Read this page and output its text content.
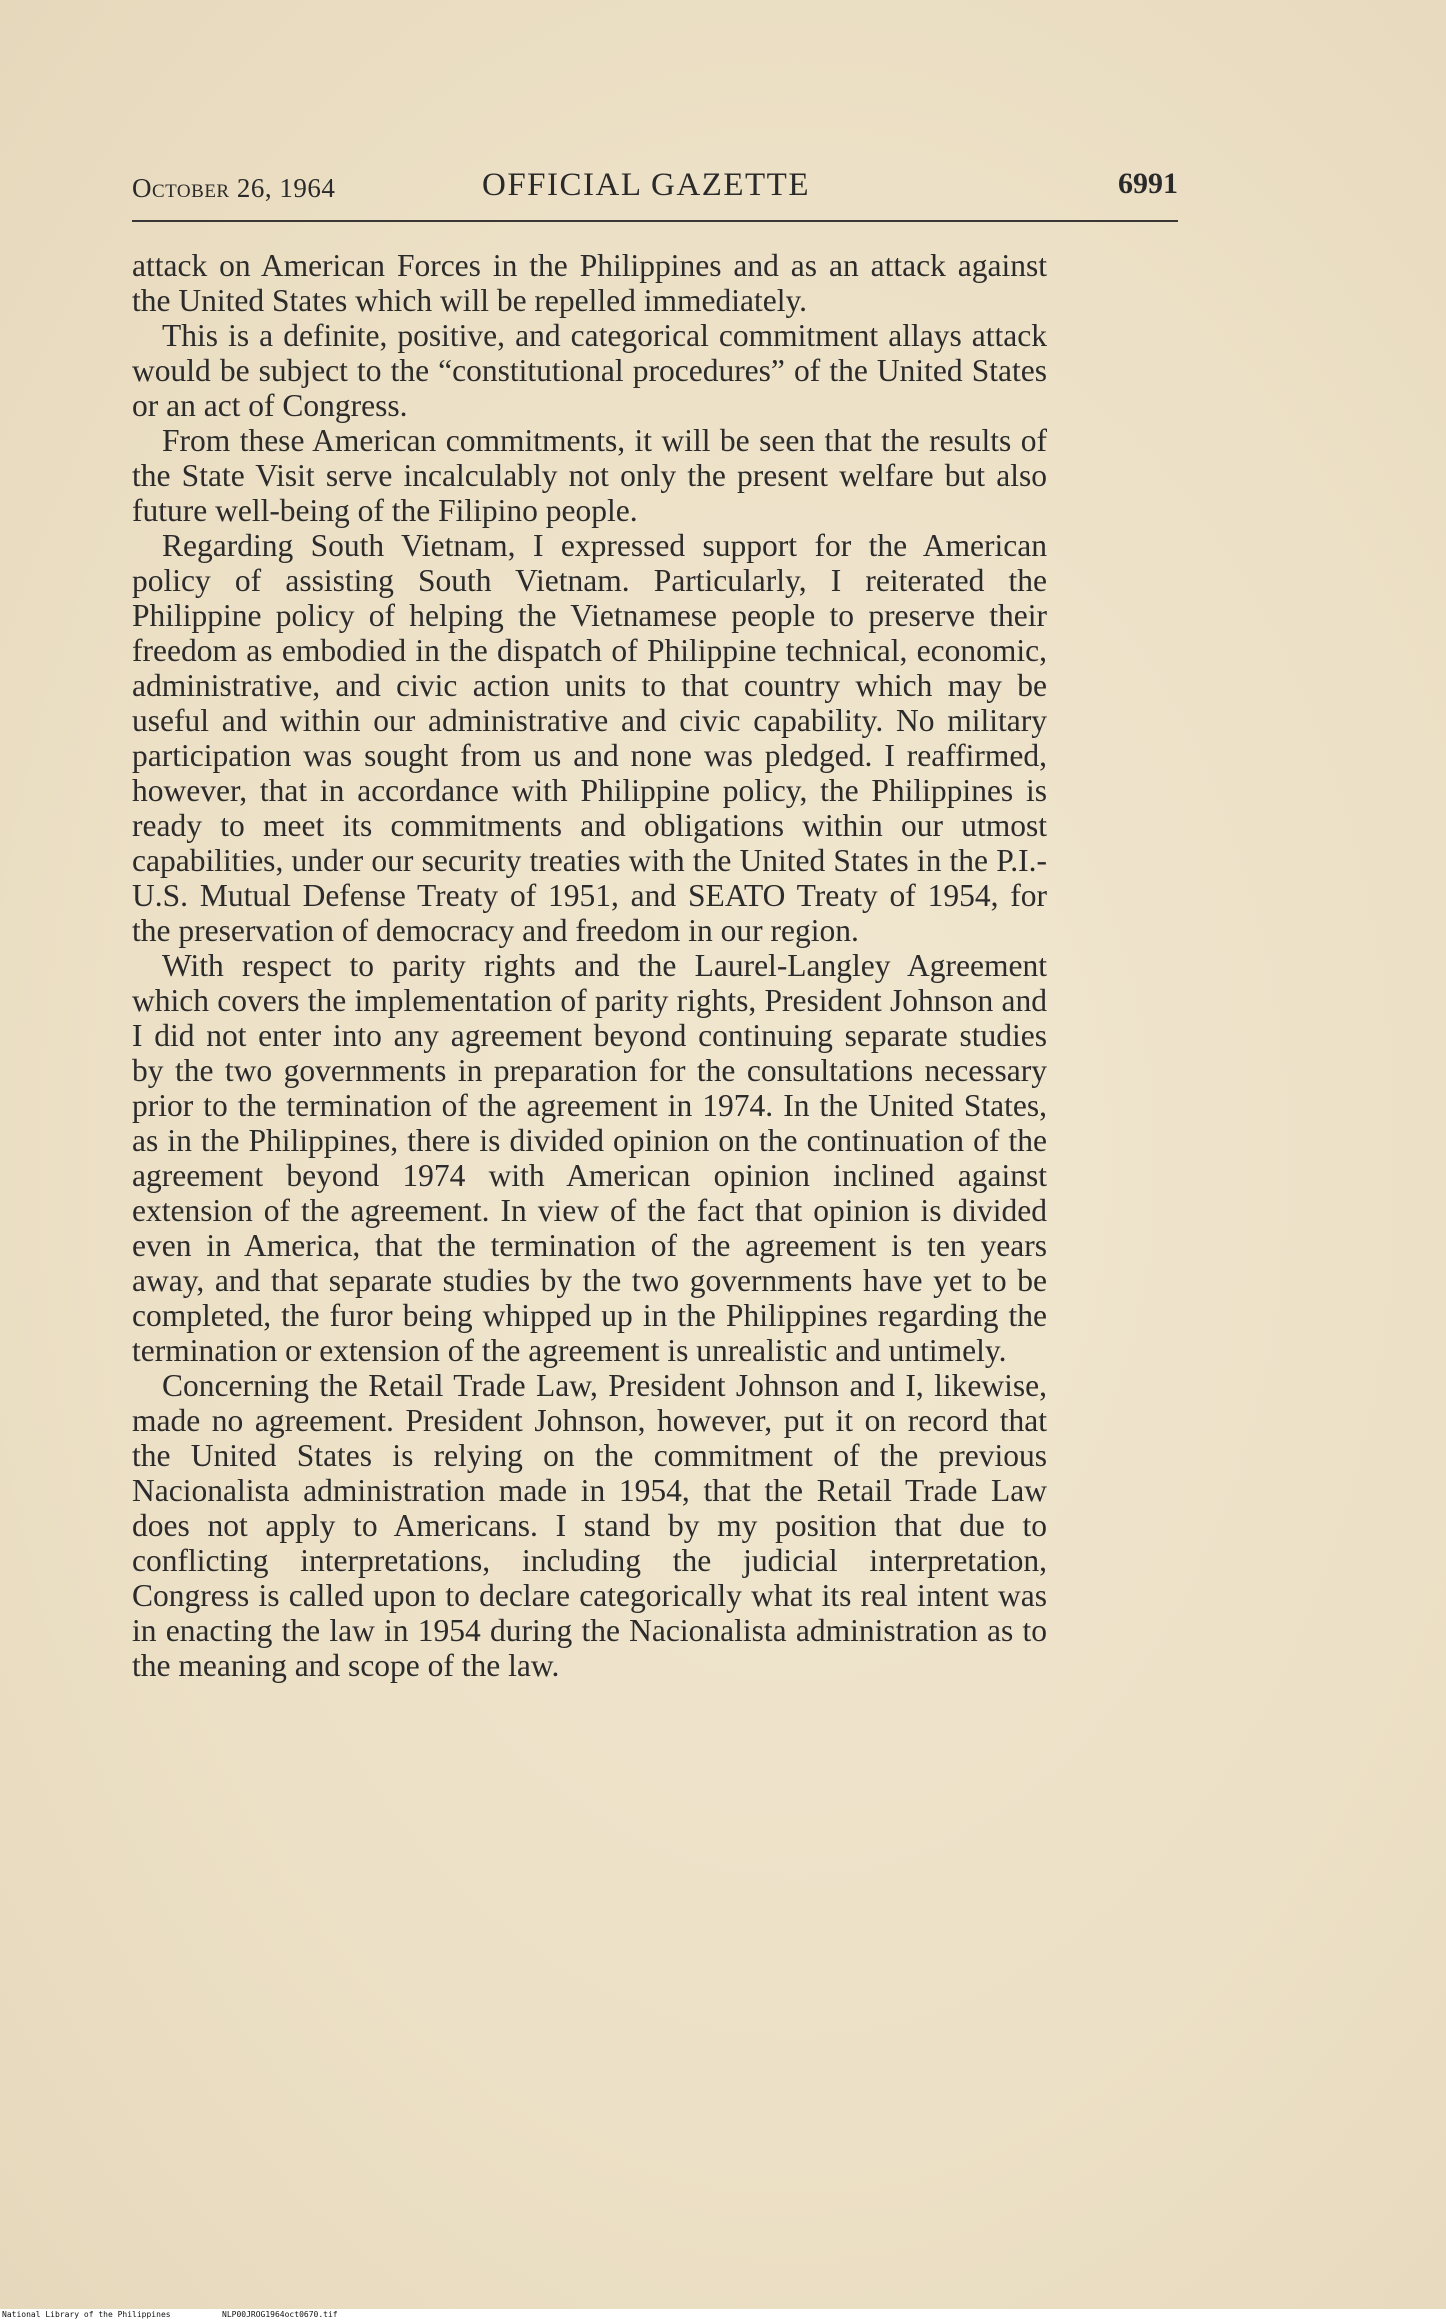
October 26, 1964	OFFICIAL GAZETTE	6991

attack on American Forces in the Philippines and as an attack against the United States which will be repelled immediately.

This is a definite, positive, and categorical commitment allays attack would be subject to the “constitutional procedures” of the United States or an act of Congress.

From these American commitments, it will be seen that the results of the State Visit serve incalculably not only the present welfare but also future well-being of the Filipino people.

Regarding South Vietnam, I expressed support for the American policy of assisting South Vietnam. Particularly, I reiterated the Philippine policy of helping the Vietnamese people to preserve their freedom as embodied in the dispatch of Philippine technical, economic, administrative, and civic action units to that country which may be useful and within our administrative and civic capability. No military participation was sought from us and none was pledged. I reaffirmed, however, that in accordance with Philippine policy, the Philippines is ready to meet its commitments and obligations within our utmost capabilities, under our security treaties with the United States in the P.I.-U.S. Mutual Defense Treaty of 1951, and SEATO Treaty of 1954, for the preservation of democracy and freedom in our region.

With respect to parity rights and the Laurel-Langley Agreement which covers the implementation of parity rights, President Johnson and I did not enter into any agreement beyond continuing separate studies by the two governments in preparation for the consultations necessary prior to the termination of the agreement in 1974. In the United States, as in the Philippines, there is divided opinion on the continuation of the agreement beyond 1974 with American opinion inclined against extension of the agreement. In view of the fact that opinion is divided even in America, that the termination of the agreement is ten years away, and that separate studies by the two governments have yet to be completed, the furor being whipped up in the Philippines regarding the termination or extension of the agreement is unrealistic and untimely.

Concerning the Retail Trade Law, President Johnson and I, likewise, made no agreement. President Johnson, however, put it on record that the United States is relying on the commitment of the previous Nacionalista administration made in 1954, that the Retail Trade Law does not apply to Americans. I stand by my position that due to conflicting interpretations, including the judicial interpretation, Congress is called upon to declare categorically what its real intent was in enacting the law in 1954 during the Nacionalista administration as to the meaning and scope of the law.

National Library of the Philippines	NLP00JROG1964oct0670.tif
